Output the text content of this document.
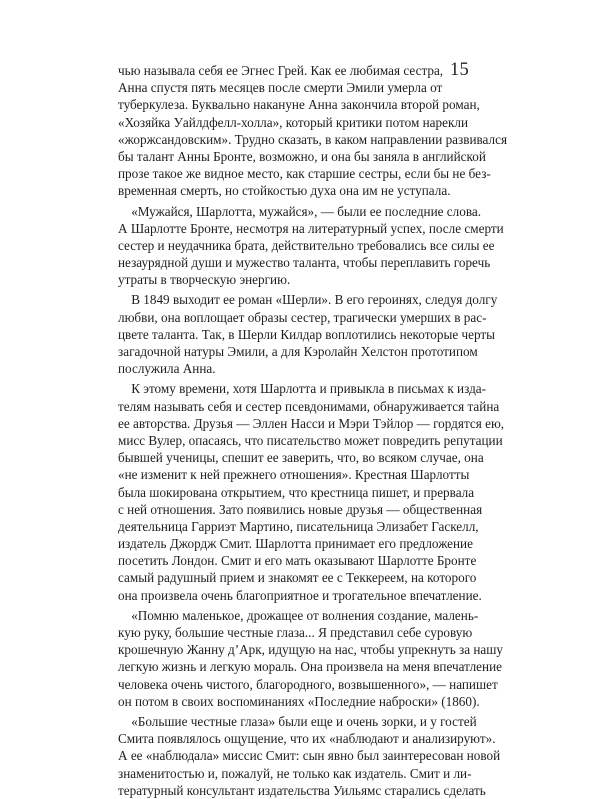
15
чью называла себя ее Эгнес Грей. Как ее любимая сестра,
Анна спустя пять месяцев после смерти Эмили умерла от
туберкулеза. Буквально накануне Анна закончила второй роман,
«Хозяйка Уайлдфелл-холла», который критики потом нарекли
«жоржсандовским». Трудно сказать, в каком направлении развивался
бы талант Анны Бронте, возможно, и она бы заняла в английской
прозе такое же видное место, как старшие сестры, если бы не без-
временная смерть, но стойкостью духа она им не уступала.
«Мужайся, Шарлотта, мужайся», — были ее последние слова.
А Шарлотте Бронте, несмотря на литературный успех, после смерти
сестер и неудачника брата, действительно требовались все силы ее
незаурядной души и мужество таланта, чтобы переплавить горечь
утраты в творческую энергию.
В 1849 выходит ее роман «Шерли». В его героинях, следуя долгу
любви, она воплощает образы сестер, трагически умерших в рас-
цвете таланта. Так, в Шерли Килдар воплотились некоторые черты
загадочной натуры Эмили, а для Кэролайн Хелстон прототипом
послужила Анна.
К этому времени, хотя Шарлотта и привыкла в письмах к изда-
телям называть себя и сестер псевдонимами, обнаруживается тайна
ее авторства. Друзья — Эллен Насси и Мэри Тэйлор — гордятся ею,
мисс Вулер, опасаясь, что писательство может повредить репутации
бывшей ученицы, спешит ее заверить, что, во всяком случае, она
«не изменит к ней прежнего отношения». Крестная Шарлотты
была шокирована открытием, что крестница пишет, и прервала
с ней отношения. Зато появились новые друзья — общественная
деятельница Гарриэт Мартино, писательница Элизабет Гаскелл,
издатель Джордж Смит. Шарлотта принимает его предложение
посетить Лондон. Смит и его мать оказывают Шарлотте Бронте
самый радушный прием и знакомят ее с Теккереем, на которого
она произвела очень благоприятное и трогательное впечатление.
«Помню маленькое, дрожащее от волнения создание, малень-
кую руку, большие честные глаза... Я представил себе суровую
крошечную Жанну д’Арк, идущую на нас, чтобы упрекнуть за нашу
легкую жизнь и легкую мораль. Она произвела на меня впечатление
человека очень чистого, благородного, возвышенного», — напишет
он потом в своих воспоминаниях «Последние наброски» (1860).
«Большие честные глаза» были еще и очень зорки, и у гостей
Смита появлялось ощущение, что их «наблюдают и анализируют».
А ее «наблюдала» миссис Смит: сын явно был заинтересован новой
знаменитостью и, пожалуй, не только как издатель. Смит и ли-
тературный консультант издательства Уильямс старались сделать
